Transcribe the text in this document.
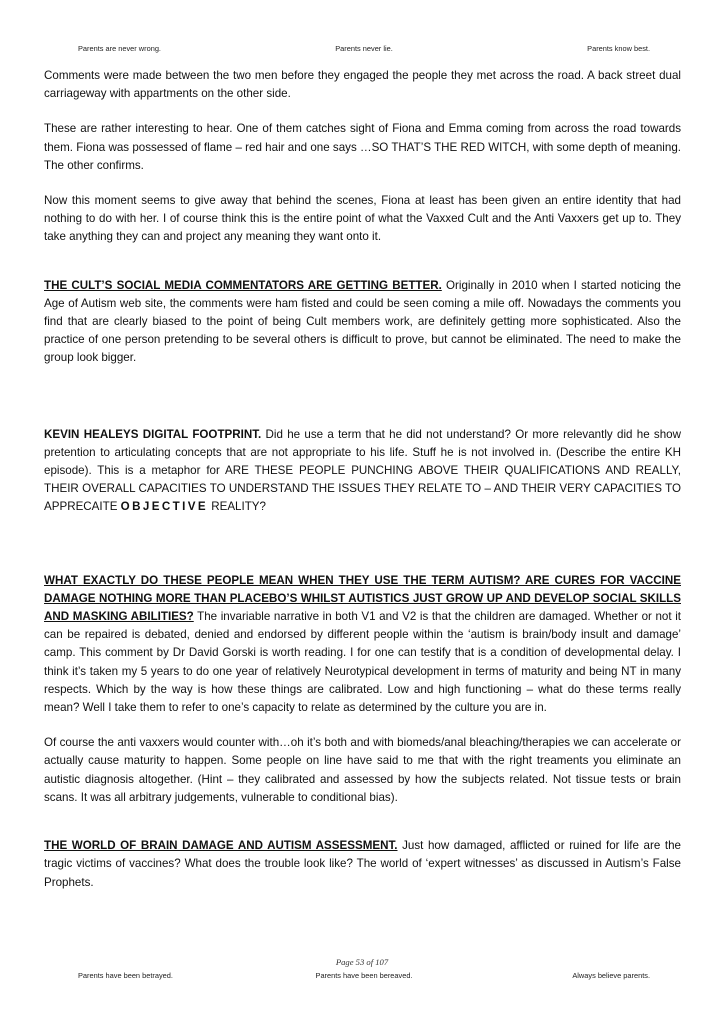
Parents are never wrong.	Parents never lie.	Parents know best.

Comments were made between the two men before they engaged the people they met across the road. A back street dual carriageway with appartments on the other side.

These are rather interesting to hear. One of them catches sight of Fiona and Emma coming from across the road towards them. Fiona was possessed of flame – red hair and one says …SO THAT’S THE RED WITCH, with some depth of meaning. The other confirms.

Now this moment seems to give away that behind the scenes, Fiona at least has been given an entire identity that had nothing to do with her. I of course think this is the entire point of what the Vaxxed Cult and the Anti Vaxxers get up to. They take anything they can and project any meaning they want onto it.

THE CULT’S SOCIAL MEDIA COMMENTATORS ARE GETTING BETTER. Originally in 2010 when I started noticing the Age of Autism web site, the comments were ham fisted and could be seen coming a mile off. Nowadays the comments you find that are clearly biased to the point of being Cult members work, are definitely getting more sophisticated. Also the practice of one person pretending to be several others is difficult to prove, but cannot be eliminated. The need to make the group look bigger.

KEVIN HEALEYS DIGITAL FOOTPRINT. Did he use a term that he did not understand? Or more relevantly did he show pretention to articulating concepts that are not appropriate to his life. Stuff he is not involved in. (Describe the entire KH episode). This is a metaphor for ARE THESE PEOPLE PUNCHING ABOVE THEIR QUALIFICATIONS AND REALLY, THEIR OVERALL CAPACITIES TO UNDERSTAND THE ISSUES THEY RELATE TO – AND THEIR VERY CAPACITIES TO APPRECAITE OBJECTIVE REALITY?

WHAT EXACTLY DO THESE PEOPLE MEAN WHEN THEY USE THE TERM AUTISM? ARE CURES FOR VACCINE DAMAGE NOTHING MORE THAN PLACEBO’S WHILST AUTISTICS JUST GROW UP AND DEVELOP SOCIAL SKILLS AND MASKING ABILITIES? The invariable narrative in both V1 and V2 is that the children are damaged. Whether or not it can be repaired is debated, denied and endorsed by different people within the ‘autism is brain/body insult and damage’ camp. This comment by Dr David Gorski is worth reading. I for one can testify that is a condition of developmental delay. I think it’s taken my 5 years to do one year of relatively Neurotypical development in terms of maturity and being NT in many respects. Which by the way is how these things are calibrated. Low and high functioning – what do these terms really mean? Well I take them to refer to one’s capacity to relate as determined by the culture you are in.

Of course the anti vaxxers would counter with…oh it’s both and with biomeds/anal bleaching/therapies we can accelerate or actually cause maturity to happen. Some people on line have said to me that with the right treaments you eliminate an autistic diagnosis altogether. (Hint – they calibrated and assessed by how the subjects related. Not tissue tests or brain scans. It was all arbitrary judgements, vulnerable to conditional bias).

THE WORLD OF BRAIN DAMAGE AND AUTISM ASSESSMENT. Just how damaged, afflicted or ruined for life are the tragic victims of vaccines? What does the trouble look like? The world of ‘expert witnesses’ as discussed in Autism’s False Prophets.

Page 53 of 107
Parents have been betrayed.	Parents have been bereaved.	Always believe parents.
